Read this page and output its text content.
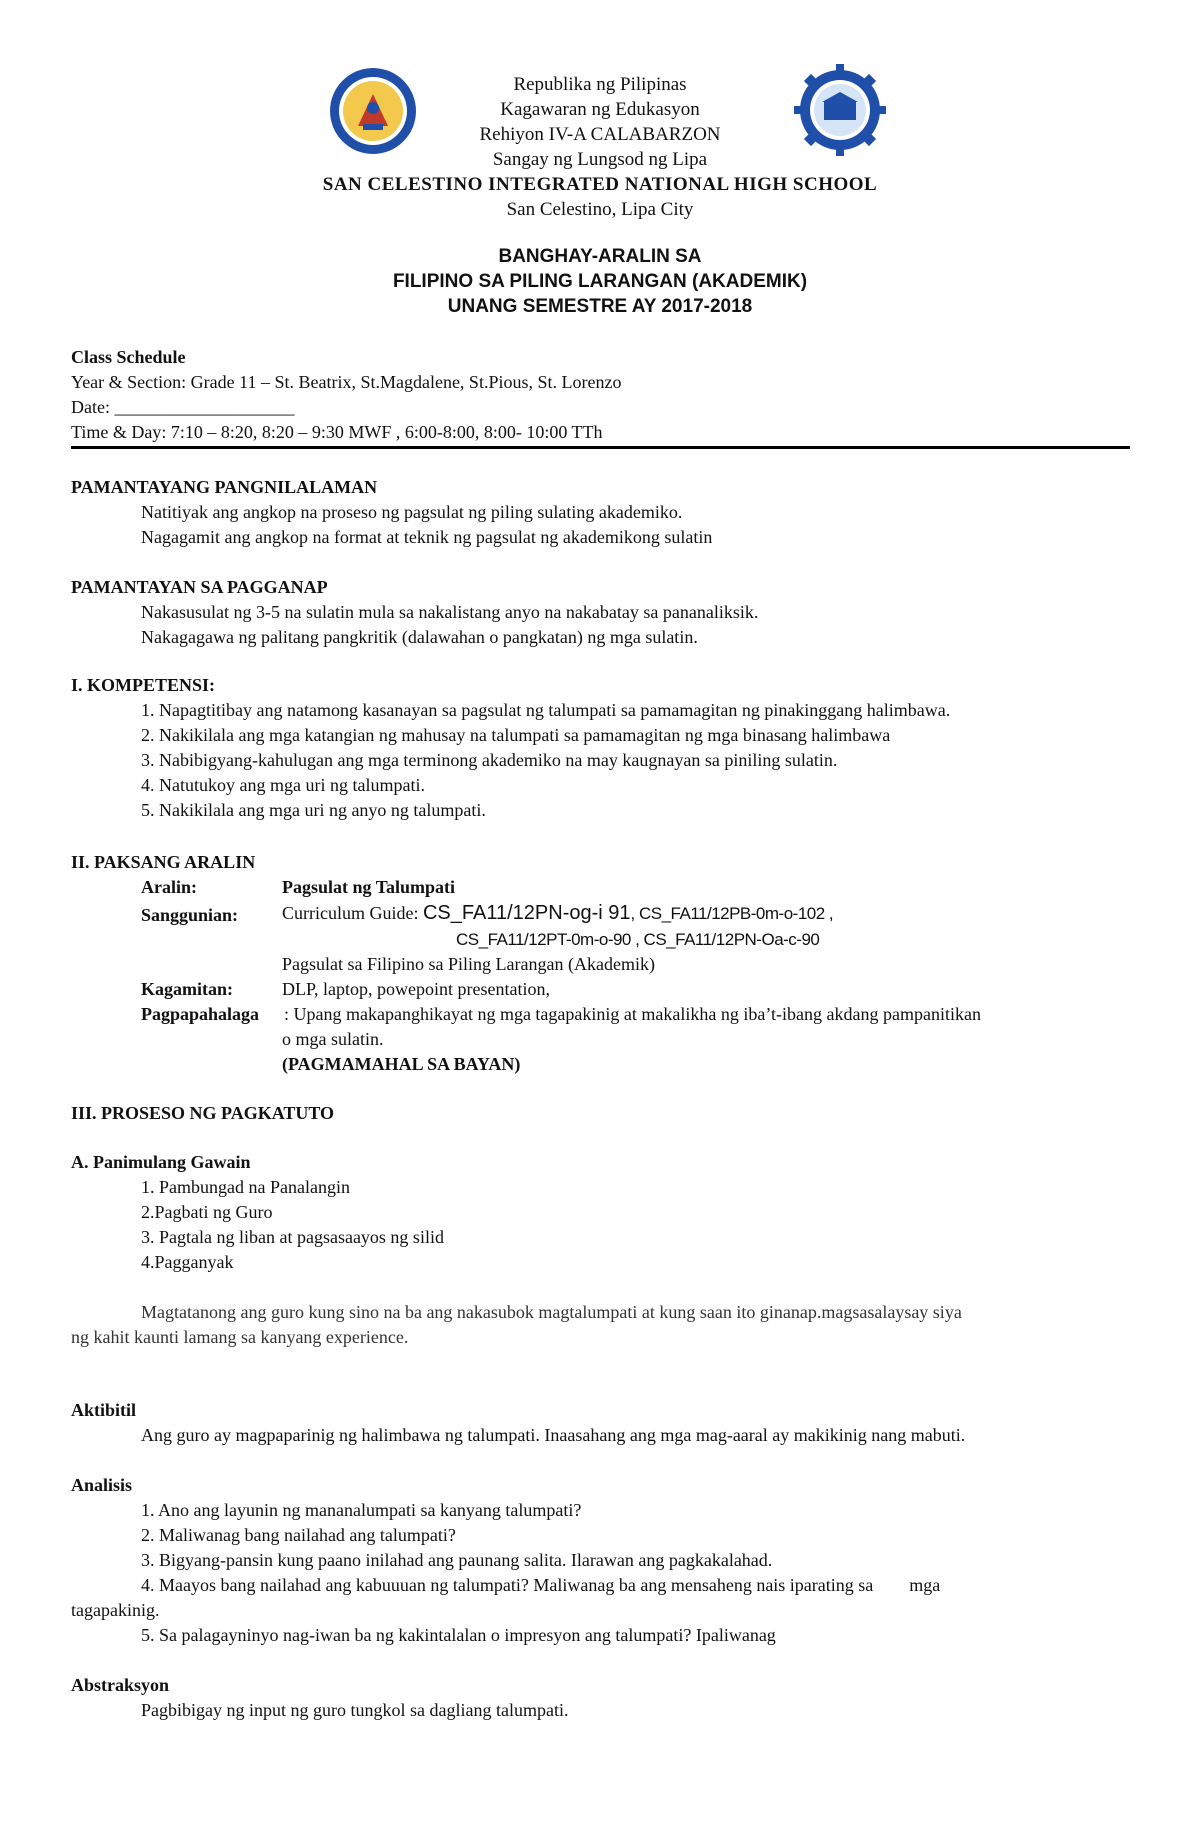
Republika ng Pilipinas
Kagawaran ng Edukasyon
Rehiyon IV-A CALABARZON
Sangay ng Lungsod ng Lipa
SAN CELESTINO INTEGRATED NATIONAL HIGH SCHOOL
San Celestino, Lipa City
BANGHAY-ARALIN SA
FILIPINO SA PILING LARANGAN (AKADEMIK)
UNANG SEMESTRE AY 2017-2018
Class Schedule
Year & Section: Grade 11 – St. Beatrix, St.Magdalene, St.Pious, St. Lorenzo
Date: ____________________
Time & Day: 7:10 – 8:20, 8:20 – 9:30 MWF , 6:00-8:00, 8:00- 10:00 TTh
PAMANTAYANG PANGNILALAMAN
Natitiyak ang angkop na proseso ng pagsulat ng piling sulating akademiko.
Nagagamit ang angkop na format at teknik ng pagsulat ng akademikong sulatin
PAMANTAYAN SA PAGGANAP
Nakasusulat ng 3-5 na sulatin mula sa nakalistang anyo na nakabatay sa pananaliksik.
Nakagagawa ng palitang pangkritik (dalawahan o pangkatan) ng mga sulatin.
I. KOMPETENSI:
1. Napagtitibay ang natamong kasanayan sa pagsulat ng talumpati sa pamamagitan ng pinakinggang halimbawa.
2. Nakikilala ang mga katangian ng mahusay na talumpati sa pamamagitan ng mga binasang halimbawa
3. Nabibigyang-kahulugan ang mga terminong akademiko na may kaugnayan sa piniling sulatin.
4. Natutukoy ang mga uri ng talumpati.
5. Nakikilala ang mga uri ng anyo ng talumpati.
II. PAKSANG ARALIN
Aralin:	Pagsulat ng Talumpati
Sanggunian: Curriculum Guide: CS_FA11/12PN-og-i 91, CS_FA11/12PB-0m-o-102 ,
CS_FA11/12PT-0m-o-90 , CS_FA11/12PN-Oa-c-90
Pagsulat sa Filipino sa Piling Larangan (Akademik)
Kagamitan:	DLP, laptop, powepoint presentation,
Pagpapahalaga : Upang makapanghikayat ng mga tagapakinig at makalikha ng iba’t-ibang akdang pampanitikan
o mga sulatin.
(PAGMAMAHAL SA BAYAN)
III. PROSESO NG PAGKATUTO
A. Panimulang Gawain
1. Pambungad na Panalangin
2.Pagbati ng Guro
3. Pagtala ng liban at pagsasaayos ng silid
4.Pagganyak
Magtatanong ang guro kung sino na ba ang nakasubok magtalumpati at kung saan ito ginanap.magsasalaysay siya
ng kahit kaunti lamang sa kanyang experience.
Aktibitil
Ang guro ay magpaparinig ng halimbawa ng talumpati. Inaasahang ang mga mag-aaral ay makikinig nang mabuti.
Analisis
1. Ano ang layunin ng mananalumpati sa kanyang talumpati?
2. Maliwanag bang nailahad ang talumpati?
3. Bigyang-pansin kung paano inilahad ang paunang salita. Ilarawan ang pagkakalahad.
4. Maayos bang nailahad ang kabuuuan ng talumpati? Maliwanag ba ang mensaheng nais iparating sa        mga
tagapakinig.
5. Sa palagayninyo nag-iwan ba ng kakintalalan o impresyon ang talumpati? Ipaliwanag
Abstraksyon
Pagbibigay ng input ng guro tungkol sa dagliang talumpati.
